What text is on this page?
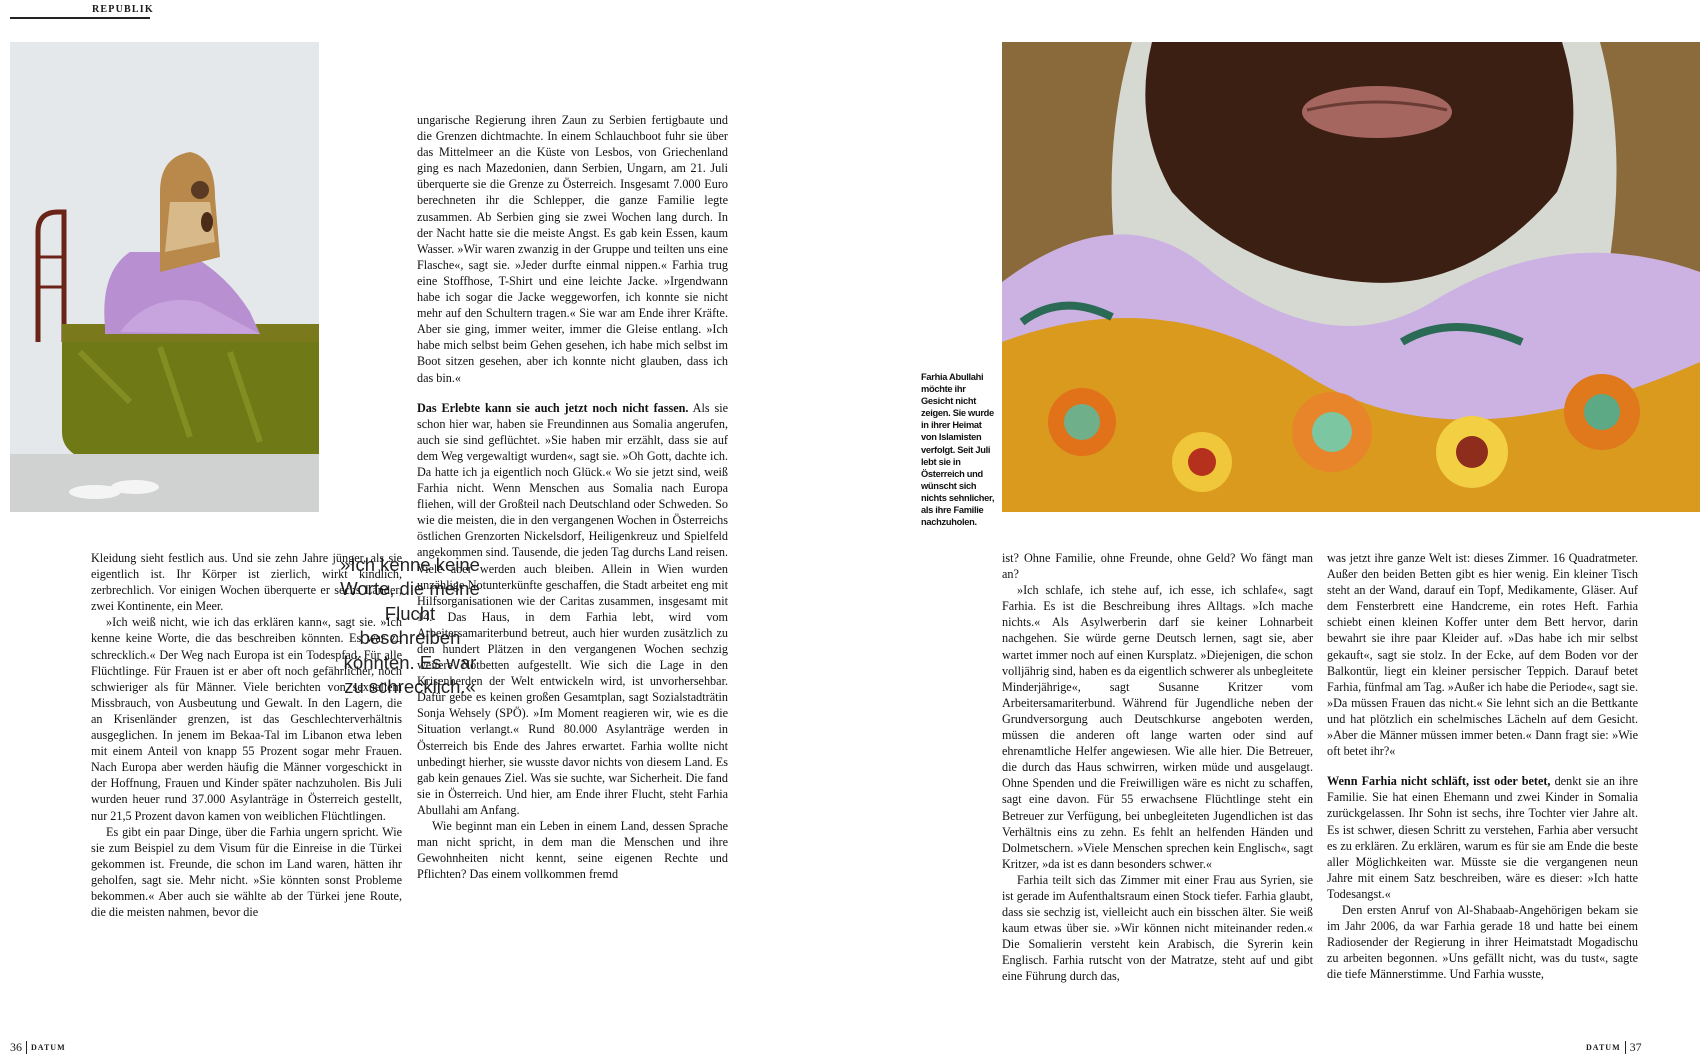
REPUBLIK
Farhia Abullahi möchte ihr Gesicht nicht zeigen. Sie wurde in ihrer Heimat von Islamisten verfolgt. Seit Juli lebt sie in Österreich und wünscht sich nichts sehnlicher, als ihre Familie nachzuholen.

ungarische Regierung ihren Zaun zu Serbien fertigbaute und die Grenzen dichtmachte. In einem Schlauchboot fuhr sie über das Mittelmeer an die Küste von Lesbos, von Griechenland ging es nach Mazedonien, dann Serbien, Ungarn, am 21. Juli überquerte sie die Grenze zu Österreich. Insgesamt 7.000 Euro berechneten ihr die Schlepper, die ganze Familie legte zusammen. Ab Serbien ging sie zwei Wochen lang durch. In der Nacht hatte sie die meiste Angst. Es gab kein Essen, kaum Wasser. »Wir waren zwanzig in der Gruppe und teilten uns eine Flasche«, sagt sie. »Jeder durfte einmal nippen.« Farhia trug eine Stoffhose, T-Shirt und eine leichte Jacke. »Irgendwann habe ich sogar die Jacke weggeworfen, ich konnte sie nicht mehr auf den Schultern tragen.« Sie war am Ende ihrer Kräfte. Aber sie ging, immer weiter, immer die Gleise entlang. »Ich habe mich selbst beim Gehen gesehen, ich habe mich selbst im Boot sitzen gesehen, aber ich konnte nicht glauben, dass ich das bin.«

Das Erlebte kann sie auch jetzt noch nicht fassen. Als sie schon hier war, haben sie Freundinnen aus Somalia angerufen, auch sie sind geflüchtet. »Sie haben mir erzählt, dass sie auf dem Weg vergewaltigt wurden«, sagt sie. »Oh Gott, dachte ich. Da hatte ich ja eigentlich noch Glück.« Wo sie jetzt sind, weiß Farhia nicht. Wenn Menschen aus Somalia nach Europa fliehen, will der Großteil nach Deutschland oder Schweden. So wie die meisten, die in den vergangenen Wochen in Österreichs östlichen Grenzorten Nickelsdorf, Heiligenkreuz und Spielfeld angekommen sind. Tausende, die jeden Tag durchs Land reisen. Viele aber werden auch bleiben. Allein in Wien wurden unzählige Notunterkünfte geschaffen, die Stadt arbeitet eng mit Hilfsorganisationen wie der Caritas zusammen, insgesamt mit 14. Das Haus, in dem Farhia lebt, wird vom Arbeitersamariterbund betreut, auch hier wurden zusätzlich zu den hundert Plätzen in den vergangenen Wochen sechzig weitere Notbetten aufgestellt. Wie sich die Lage in den Krisenherden der Welt entwickeln wird, ist unvorhersehbar. Dafür gebe es keinen großen Gesamtplan, sagt Sozialstadträtin Sonja Wehsely (SPÖ). »Im Moment reagieren wir, wie es die Situation verlangt.« Rund 80.000 Asylanträge werden in Österreich bis Ende des Jahres erwartet. Farhia wollte nicht unbedingt hierher, sie wusste davor nichts von diesem Land. Es gab kein genaues Ziel. Was sie suchte, war Sicherheit. Die fand sie in Österreich. Und hier, am Ende ihrer Flucht, steht Farhia Abullahi am Anfang.

Wie beginnt man ein Leben in einem Land, dessen Sprache man nicht spricht, in dem man die Menschen und ihre Gewohnheiten nicht kennt, seine eigenen Rechte und Pflichten? Das einem vollkommen fremd

»Ich kenne keine Worte, die meine Flucht beschreiben könnten. Es war zu schrecklich.«

Kleidung sieht festlich aus. Und sie zehn Jahre jünger, als sie eigentlich ist. Ihr Körper ist zierlich, wirkt kindlich, zerbrechlich. Vor einigen Wochen überquerte er sechs Länder, zwei Kontinente, ein Meer.

»Ich weiß nicht, wie ich das erklären kann«, sagt sie. »Ich kenne keine Worte, die das beschreiben könnten. Es war zu schrecklich.« Der Weg nach Europa ist ein Todespfad. Für alle Flüchtlinge. Für Frauen ist er aber oft noch gefährlicher, noch schwieriger als für Männer. Viele berichten von sexuellem Missbrauch, von Ausbeutung und Gewalt. In den Lagern, die an Krisenländer grenzen, ist das Geschlechterverhältnis ausgeglichen. In jenem im Bekaa-Tal im Libanon etwa leben mit einem Anteil von knapp 55 Prozent sogar mehr Frauen. Nach Europa aber werden häufig die Männer vorgeschickt in der Hoffnung, Frauen und Kinder später nachzuholen. Bis Juli wurden heuer rund 37.000 Asylanträge in Österreich gestellt, nur 21,5 Prozent davon kamen von weiblichen Flüchtlingen.

Es gibt ein paar Dinge, über die Farhia ungern spricht. Wie sie zum Beispiel zu dem Visum für die Einreise in die Türkei gekommen ist. Freunde, die schon im Land waren, hätten ihr geholfen, sagt sie. Mehr nicht. »Sie könnten sonst Probleme bekommen.« Aber auch sie wählte ab der Türkei jene Route, die die meisten nahmen, bevor die

ist? Ohne Familie, ohne Freunde, ohne Geld? Wo fängt man an?

»Ich schlafe, ich stehe auf, ich esse, ich schlafe«, sagt Farhia. Es ist die Beschreibung ihres Alltags. »Ich mache nichts.« Als Asylwerberin darf sie keiner Lohnarbeit nachgehen. Sie würde gerne Deutsch lernen, sagt sie, aber wartet immer noch auf einen Kursplatz. »Diejenigen, die schon volljährig sind, haben es da eigentlich schwerer als unbegleitete Minderjährige«, sagt Susanne Kritzer vom Arbeitersamariterbund. Während für Jugendliche neben der Grundversorgung auch Deutschkurse angeboten werden, müssen die anderen oft lange warten oder sind auf ehrenamtliche Helfer angewiesen. Wie alle hier. Die Betreuer, die durch das Haus schwirren, wirken müde und ausgelaugt. Ohne Spenden und die Freiwilligen wäre es nicht zu schaffen, sagt eine davon. Für 55 erwachsene Flüchtlinge steht ein Betreuer zur Verfügung, bei unbegleiteten Jugendlichen ist das Verhältnis eins zu zehn. Es fehlt an helfenden Händen und Dolmetschern. »Viele Menschen sprechen kein Englisch«, sagt Kritzer, »da ist es dann besonders schwer.«

Farhia teilt sich das Zimmer mit einer Frau aus Syrien, sie ist gerade im Aufenthaltsraum einen Stock tiefer. Farhia glaubt, dass sie sechzig ist, vielleicht auch ein bisschen älter. Sie weiß kaum etwas über sie. »Wir können nicht miteinander reden.« Die Somalierin versteht kein Arabisch, die Syrerin kein Englisch. Farhia rutscht von der Matratze, steht auf und gibt eine Führung durch das,

was jetzt ihre ganze Welt ist: dieses Zimmer. 16 Quadratmeter. Außer den beiden Betten gibt es hier wenig. Ein kleiner Tisch steht an der Wand, darauf ein Topf, Medikamente, Gläser. Auf dem Fensterbrett eine Handcreme, ein rotes Heft. Farhia schiebt einen kleinen Koffer unter dem Bett hervor, darin bewahrt sie ihre paar Kleider auf. »Das habe ich mir selbst gekauft«, sagt sie stolz. In der Ecke, auf dem Boden vor der Balkontür, liegt ein kleiner persischer Teppich. Darauf betet Farhia, fünfmal am Tag. »Außer ich habe die Periode«, sagt sie. »Da müssen Frauen das nicht.« Sie lehnt sich an die Bettkante und hat plötzlich ein schelmisches Lächeln auf dem Gesicht. »Aber die Männer müssen immer beten.« Dann fragt sie: »Wie oft betet ihr?«

Wenn Farhia nicht schläft, isst oder betet, denkt sie an ihre Familie. Sie hat einen Ehemann und zwei Kinder in Somalia zurückgelassen. Ihr Sohn ist sechs, ihre Tochter vier Jahre alt. Es ist schwer, diesen Schritt zu verstehen, Farhia aber versucht es zu erklären. Zu erklären, warum es für sie am Ende die beste aller Möglichkeiten war. Müsste sie die vergangenen neun Jahre mit einem Satz beschreiben, wäre es dieser: »Ich hatte Todesangst.«

Den ersten Anruf von Al-Shabaab-Angehörigen bekam sie im Jahr 2006, da war Farhia gerade 18 und hatte bei einem Radiosender der Regierung in ihrer Heimatstadt Mogadischu zu arbeiten begonnen. »Uns gefällt nicht, was du tust«, sagte die tiefe Männerstimme. Und Farhia wusste,

36 DATUM	DATUM 37
